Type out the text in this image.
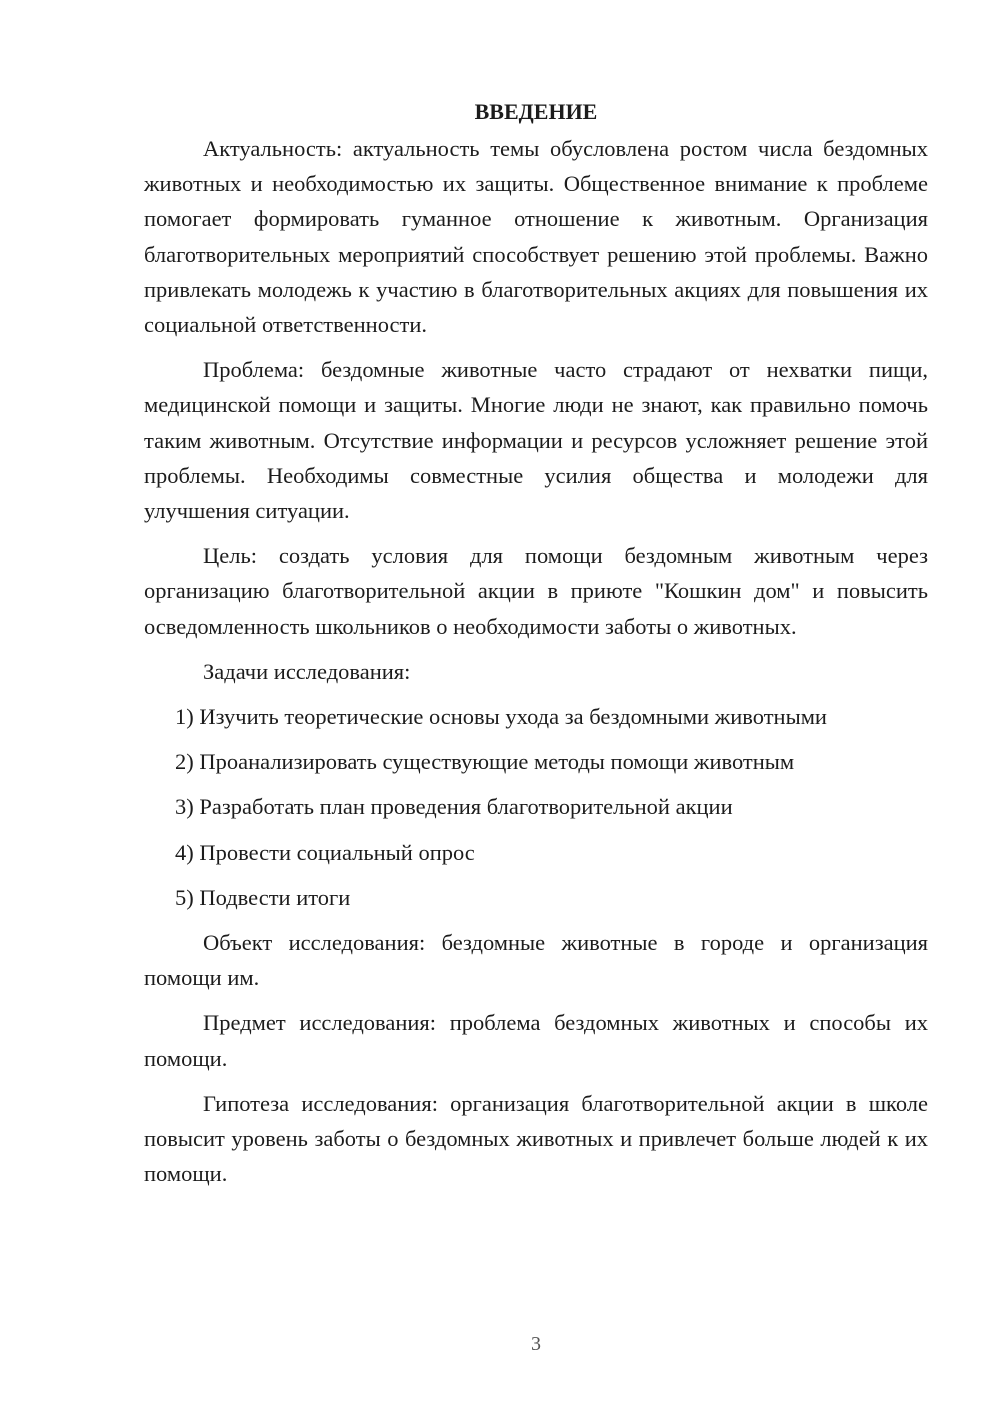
ВВЕДЕНИЕ

Актуальность: актуальность темы обусловлена ростом числа бездомных животных и необходимостью их защиты. Общественное внимание к проблеме помогает формировать гуманное отношение к животным. Организация благотворительных мероприятий способствует решению этой проблемы. Важно привлекать молодежь к участию в благотворительных акциях для повышения их социальной ответственности.

Проблема: бездомные животные часто страдают от нехватки пищи, медицинской помощи и защиты. Многие люди не знают, как правильно помочь таким животным. Отсутствие информации и ресурсов усложняет решение этой проблемы. Необходимы совместные усилия общества и молодежи для улучшения ситуации.

Цель: создать условия для помощи бездомным животным через организацию благотворительной акции в приюте "Кошкин дом" и повысить осведомленность школьников о необходимости заботы о животных.

Задачи исследования:

1) Изучить теоретические основы ухода за бездомными животными
2) Проанализировать существующие методы помощи животным
3) Разработать план проведения благотворительной акции
4) Провести социальный опрос
5) Подвести итоги

Объект исследования: бездомные животные в городе и организация помощи им.

Предмет исследования: проблема бездомных животных и способы их помощи.

Гипотеза исследования: организация благотворительной акции в школе повысит уровень заботы о бездомных животных и привлечет больше людей к их помощи.

3
